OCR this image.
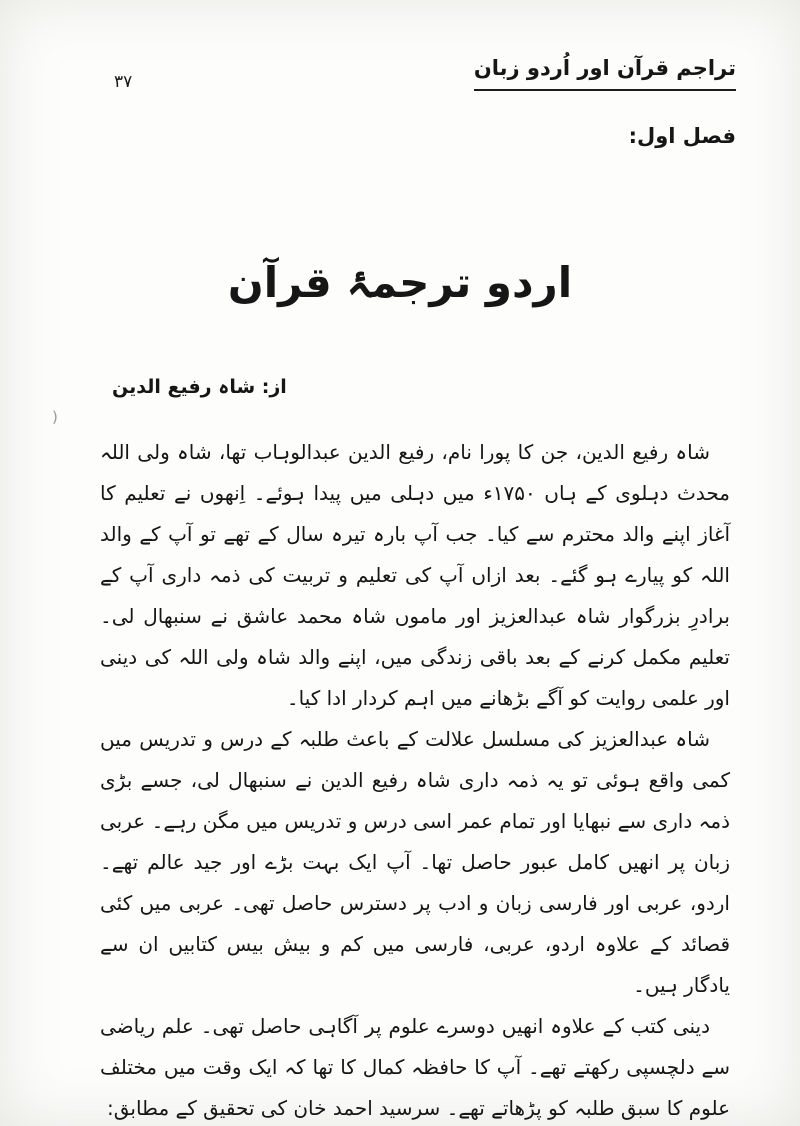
تراجم قرآن اور اُردو زبان
۳۷
فصل اول:
اردو ترجمۂ قرآن
از: شاہ رفیع الدین

شاہ رفیع الدین، جن کا پورا نام، رفیع الدین عبدالوہاب تھا، شاہ ولی اللہ محدث دہلوی کے ہاں ۱۷۵۰ء میں دہلی میں پیدا ہوئے۔ اِنھوں نے تعلیم کا آغاز اپنے والد محترم سے کیا۔ جب آپ بارہ تیرہ سال کے تھے تو آپ کے والد اللہ کو پیارے ہو گئے۔ بعد ازاں آپ کی تعلیم و تربیت کی ذمہ داری آپ کے برادرِ بزرگوار شاہ عبدالعزیز اور ماموں شاہ محمد عاشق نے سنبھال لی۔ تعلیم مکمل کرنے کے بعد باقی زندگی میں، اپنے والد شاہ ولی اللہ کی دینی اور علمی روایت کو آگے بڑھانے میں اہم کردار ادا کیا۔

شاہ عبدالعزیز کی مسلسل علالت کے باعث طلبہ کے درس و تدریس میں کمی واقع ہوئی تو یہ ذمہ داری شاہ رفیع الدین نے سنبھال لی، جسے بڑی ذمہ داری سے نبھایا اور تمام عمر اسی درس و تدریس میں مگن رہے۔ عربی زبان پر انھیں کامل عبور حاصل تھا۔ آپ ایک بہت بڑے اور جید عالم تھے۔ اردو، عربی اور فارسی زبان و ادب پر دسترس حاصل تھی۔ عربی میں کئی قصائد کے علاوہ اردو، عربی، فارسی میں کم و بیش بیس کتابیں ان سے یادگار ہیں۔

دینی کتب کے علاوہ انھیں دوسرے علوم پر آگاہی حاصل تھی۔ علم ریاضی سے دلچسپی رکھتے تھے۔ آپ کا حافظہ کمال کا تھا کہ ایک وقت میں مختلف علوم کا سبق طلبہ کو پڑھاتے تھے۔ سرسید احمد خان کی تحقیق کے مطابق:

(
